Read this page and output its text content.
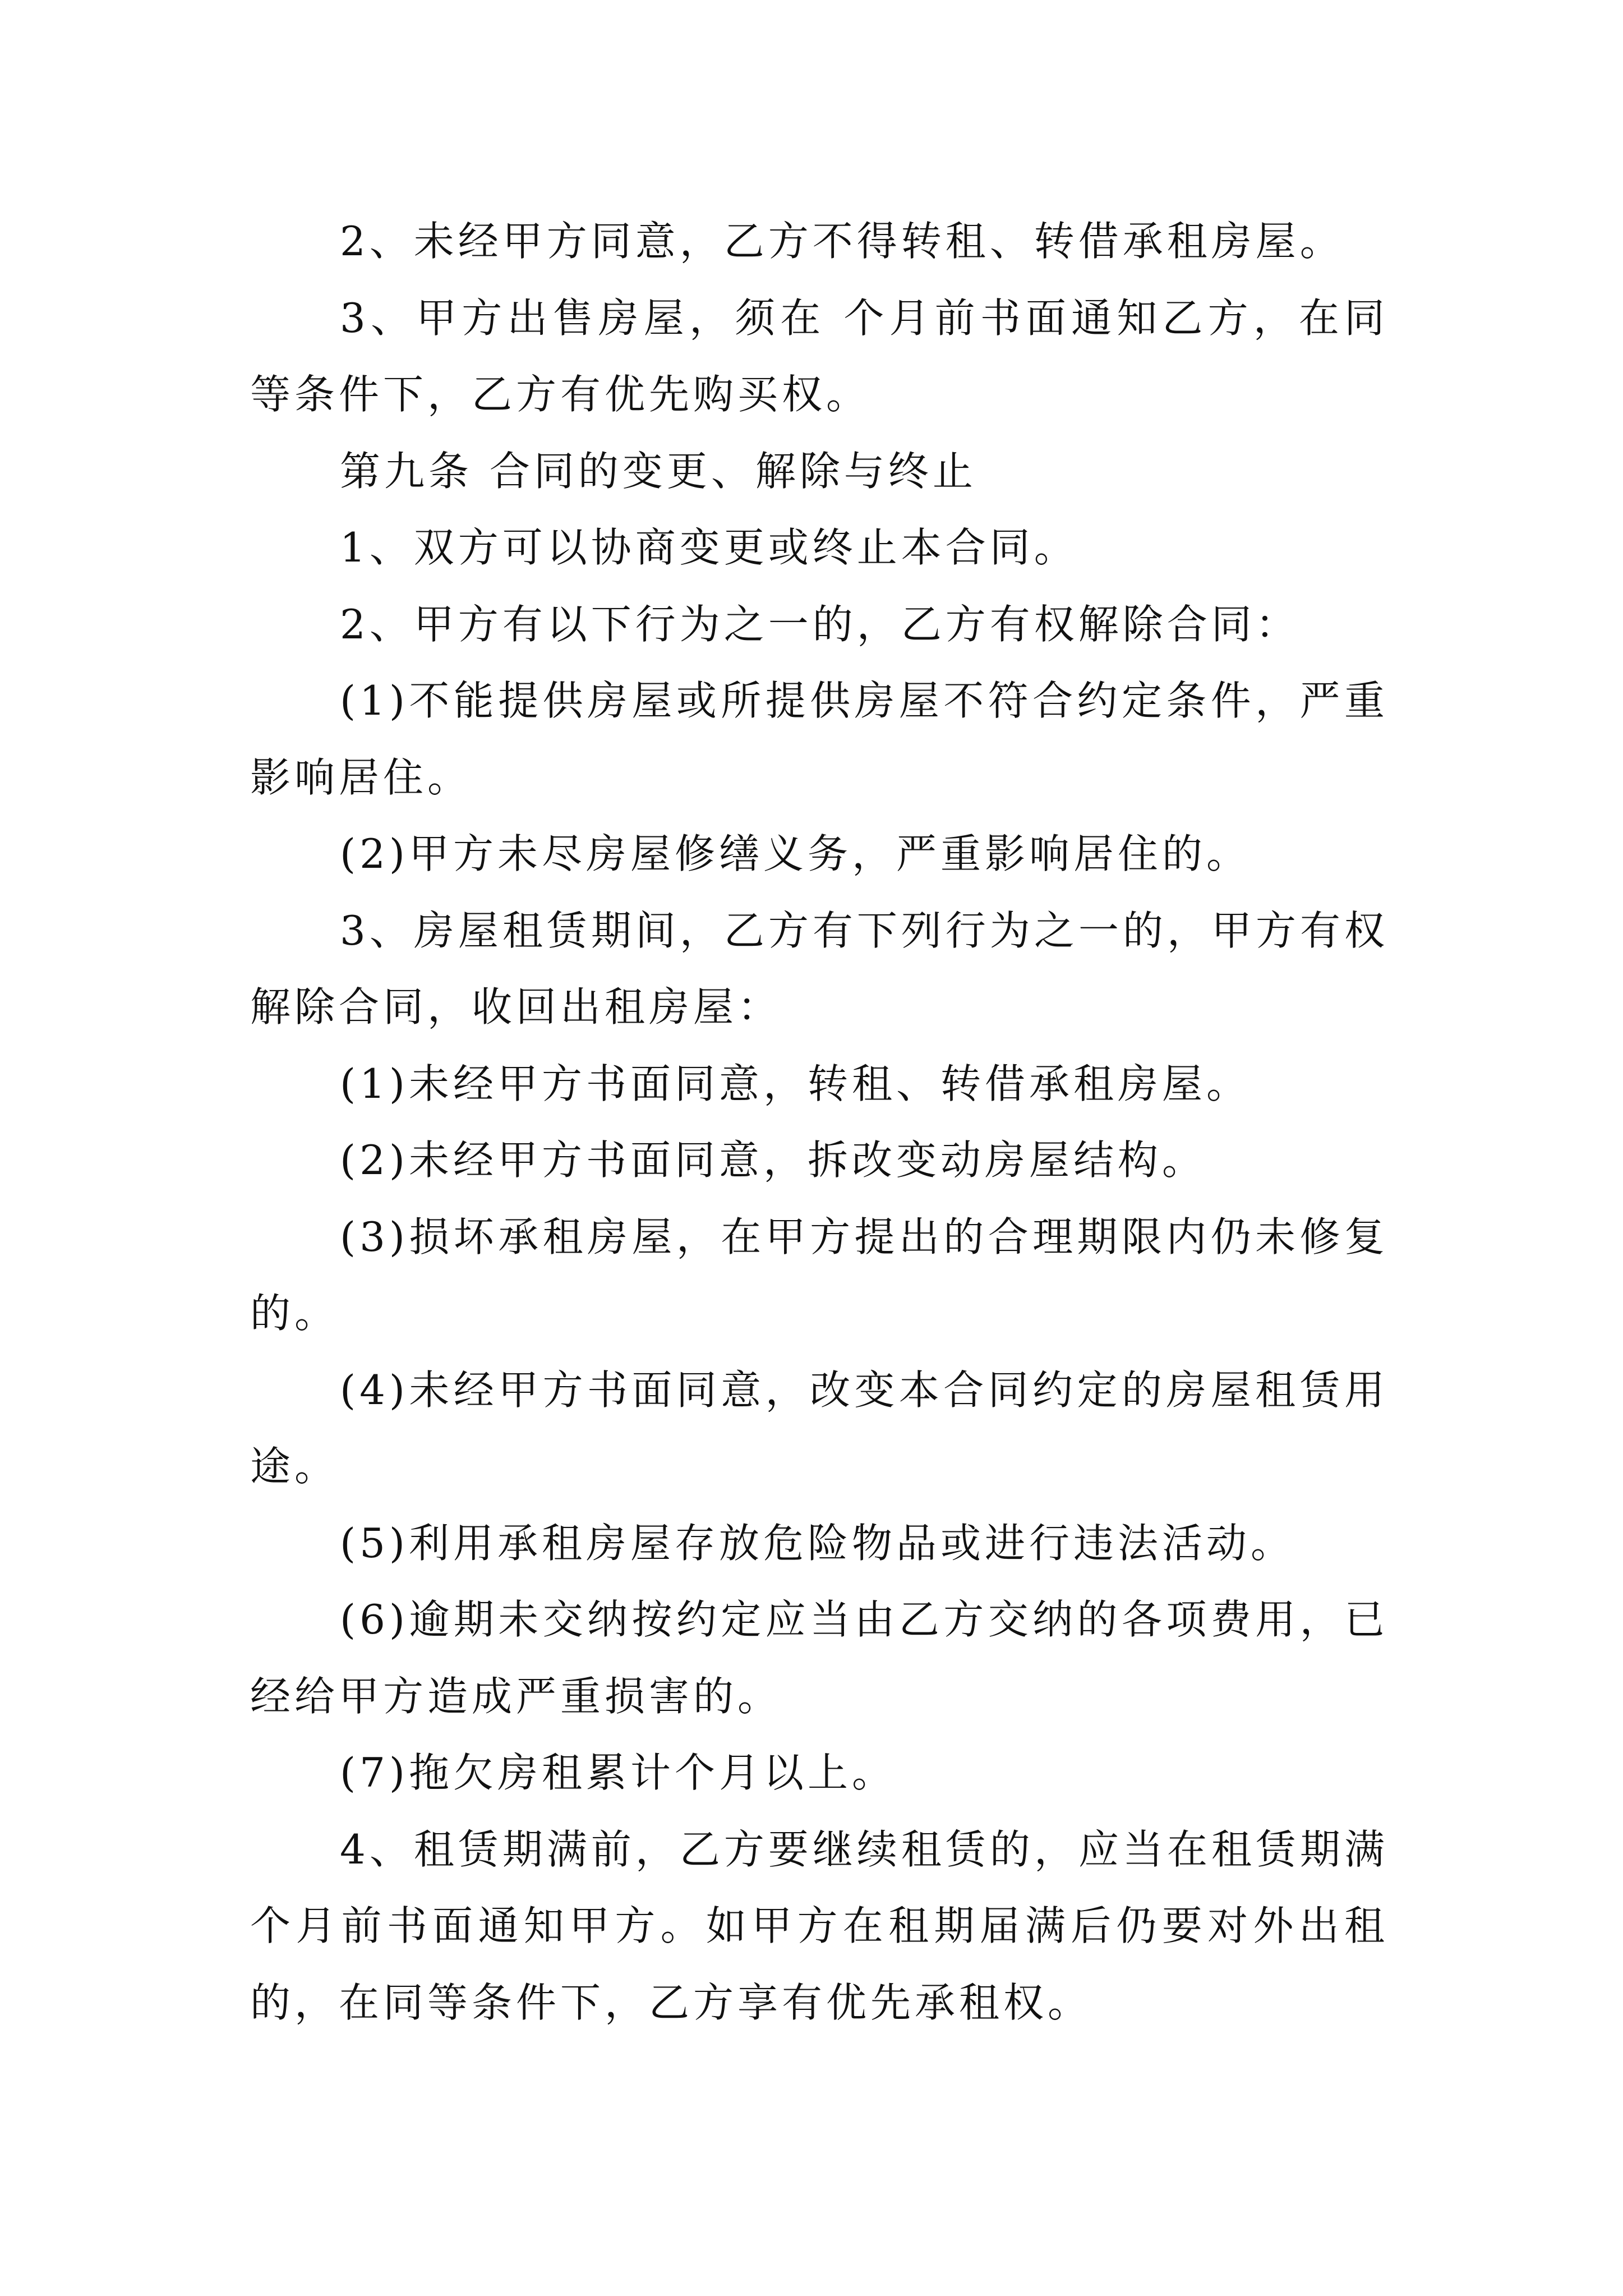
2、未经甲方同意，乙方不得转租、转借承租房屋。

3、甲方出售房屋，须在 个月前书面通知乙方，在同等条件下，乙方有优先购买权。

第九条 合同的变更、解除与终止

1、双方可以协商变更或终止本合同。

2、甲方有以下行为之一的，乙方有权解除合同：

(1)不能提供房屋或所提供房屋不符合约定条件，严重影响居住。

(2)甲方未尽房屋修缮义务，严重影响居住的。

3、房屋租赁期间，乙方有下列行为之一的，甲方有权解除合同，收回出租房屋：

(1)未经甲方书面同意，转租、转借承租房屋。

(2)未经甲方书面同意，拆改变动房屋结构。

(3)损坏承租房屋，在甲方提出的合理期限内仍未修复的。

(4)未经甲方书面同意，改变本合同约定的房屋租赁用途。

(5)利用承租房屋存放危险物品或进行违法活动。

(6)逾期未交纳按约定应当由乙方交纳的各项费用，已经给甲方造成严重损害的。

(7)拖欠房租累计个月以上。

4、租赁期满前，乙方要继续租赁的，应当在租赁期满个月前书面通知甲方。如甲方在租期届满后仍要对外出租的，在同等条件下，乙方享有优先承租权。
